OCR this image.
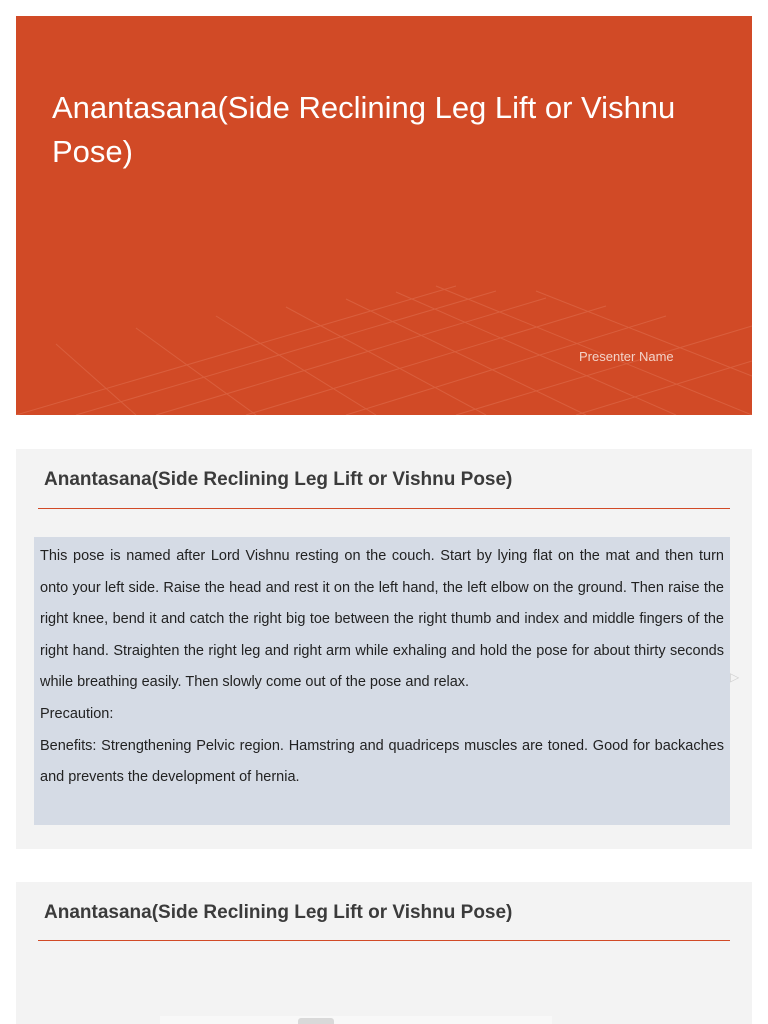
Anantasana(Side Reclining Leg Lift or Vishnu Pose)
Presenter Name
Anantasana(Side Reclining Leg Lift or Vishnu Pose)

This pose is named after Lord Vishnu resting on the couch. Start by lying flat on the mat and then turn onto your left side. Raise the head and rest it on the left hand, the left elbow on the ground. Then raise the right knee, bend it and catch the right big toe between the right thumb and index and middle fingers of the right hand. Straighten the right leg and right arm while exhaling and hold the pose for about thirty seconds while breathing easily. Then slowly come out of the pose and relax.

Precaution:

Benefits: Strengthening Pelvic region. Hamstring and quadriceps muscles are toned. Good for backaches and prevents the development of hernia.

▷
Anantasana(Side Reclining Leg Lift or Vishnu Pose)
